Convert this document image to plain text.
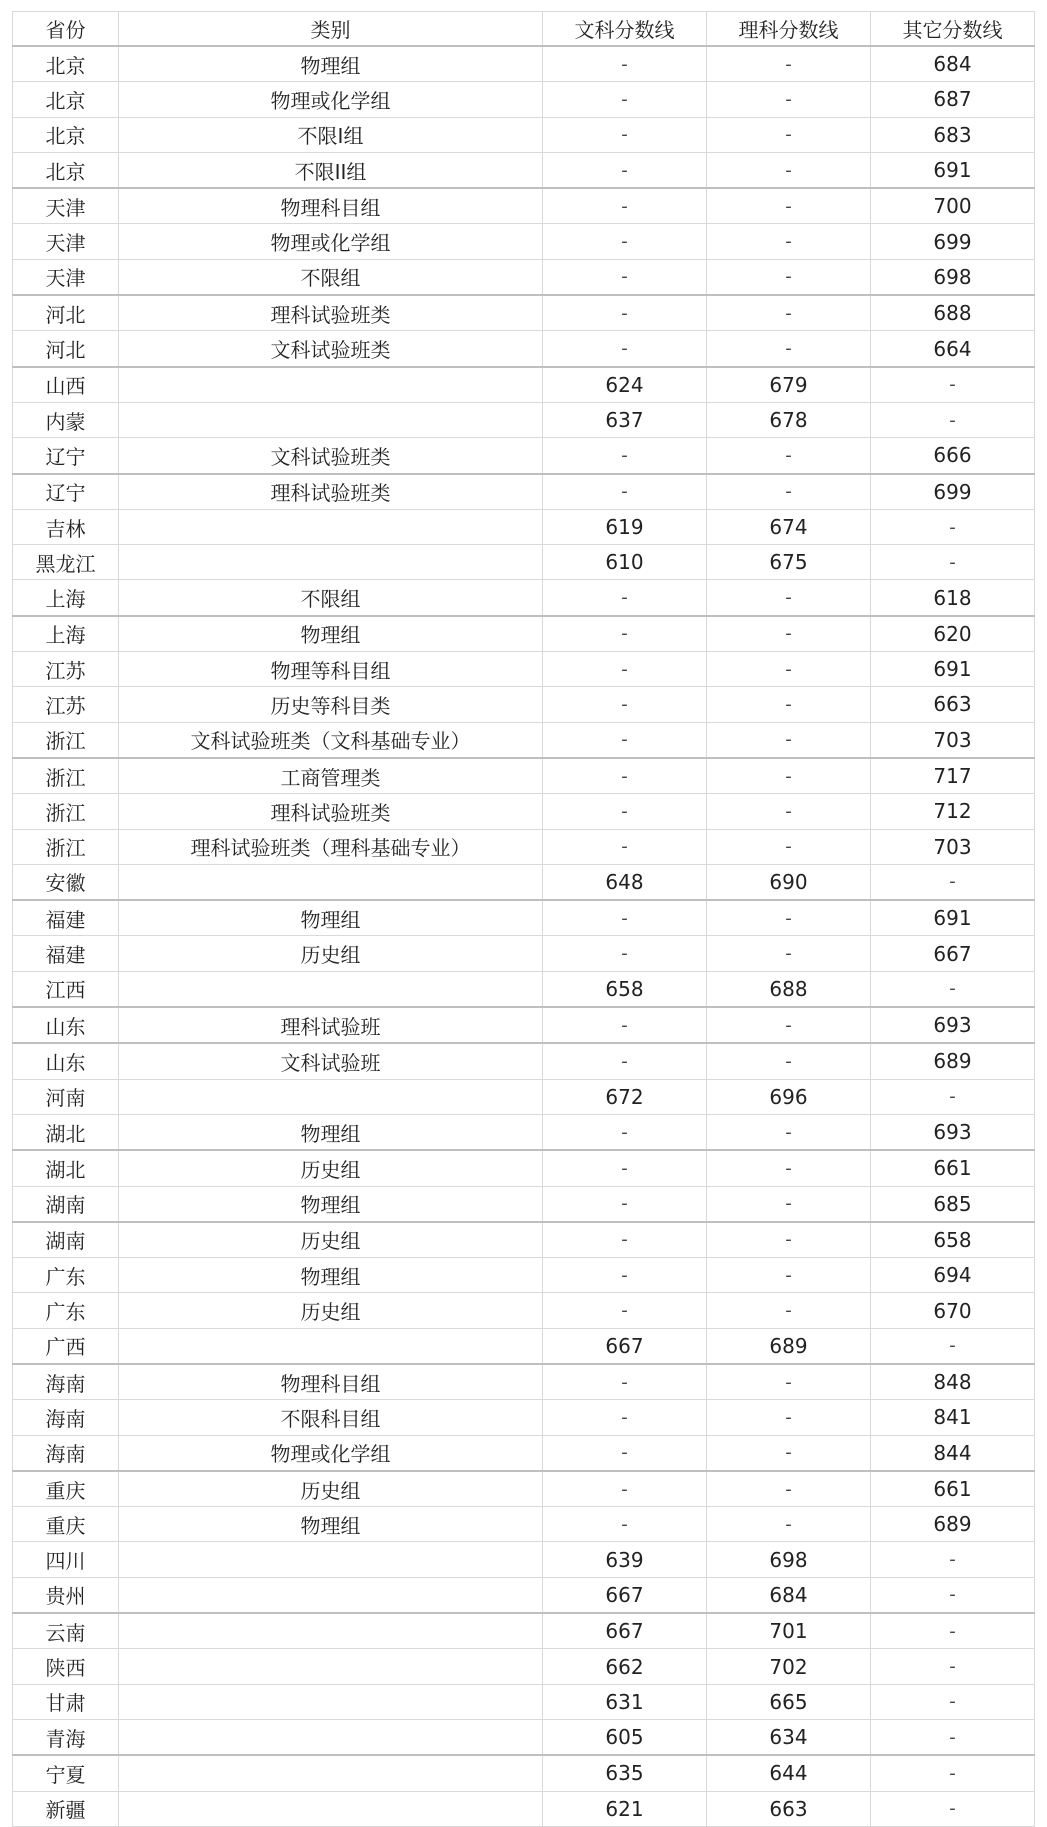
省份	类别	文科分数线	理科分数线	其它分数线
北京	物理组	-	-	684
北京	物理或化学组	-	-	687
北京	不限I组	-	-	683
北京	不限II组	-	-	691
天津	物理科目组	-	-	700
天津	物理或化学组	-	-	699
天津	不限组	-	-	698
河北	理科试验班类	-	-	688
河北	文科试验班类	-	-	664
山西		624	679	-
内蒙		637	678	-
辽宁	文科试验班类	-	-	666
辽宁	理科试验班类	-	-	699
吉林		619	674	-
黑龙江		610	675	-
上海	不限组	-	-	618
上海	物理组	-	-	620
江苏	物理等科目组	-	-	691
江苏	历史等科目类	-	-	663
浙江	文科试验班类（文科基础专业）	-	-	703
浙江	工商管理类	-	-	717
浙江	理科试验班类	-	-	712
浙江	理科试验班类（理科基础专业）	-	-	703
安徽		648	690	-
福建	物理组	-	-	691
福建	历史组	-	-	667
江西		658	688	-
山东	理科试验班	-	-	693
山东	文科试验班	-	-	689
河南		672	696	-
湖北	物理组	-	-	693
湖北	历史组	-	-	661
湖南	物理组	-	-	685
湖南	历史组	-	-	658
广东	物理组	-	-	694
广东	历史组	-	-	670
广西		667	689	-
海南	物理科目组	-	-	848
海南	不限科目组	-	-	841
海南	物理或化学组	-	-	844
重庆	历史组	-	-	661
重庆	物理组	-	-	689
四川		639	698	-
贵州		667	684	-
云南		667	701	-
陕西		662	702	-
甘肃		631	665	-
青海		605	634	-
宁夏		635	644	-
新疆		621	663	-
